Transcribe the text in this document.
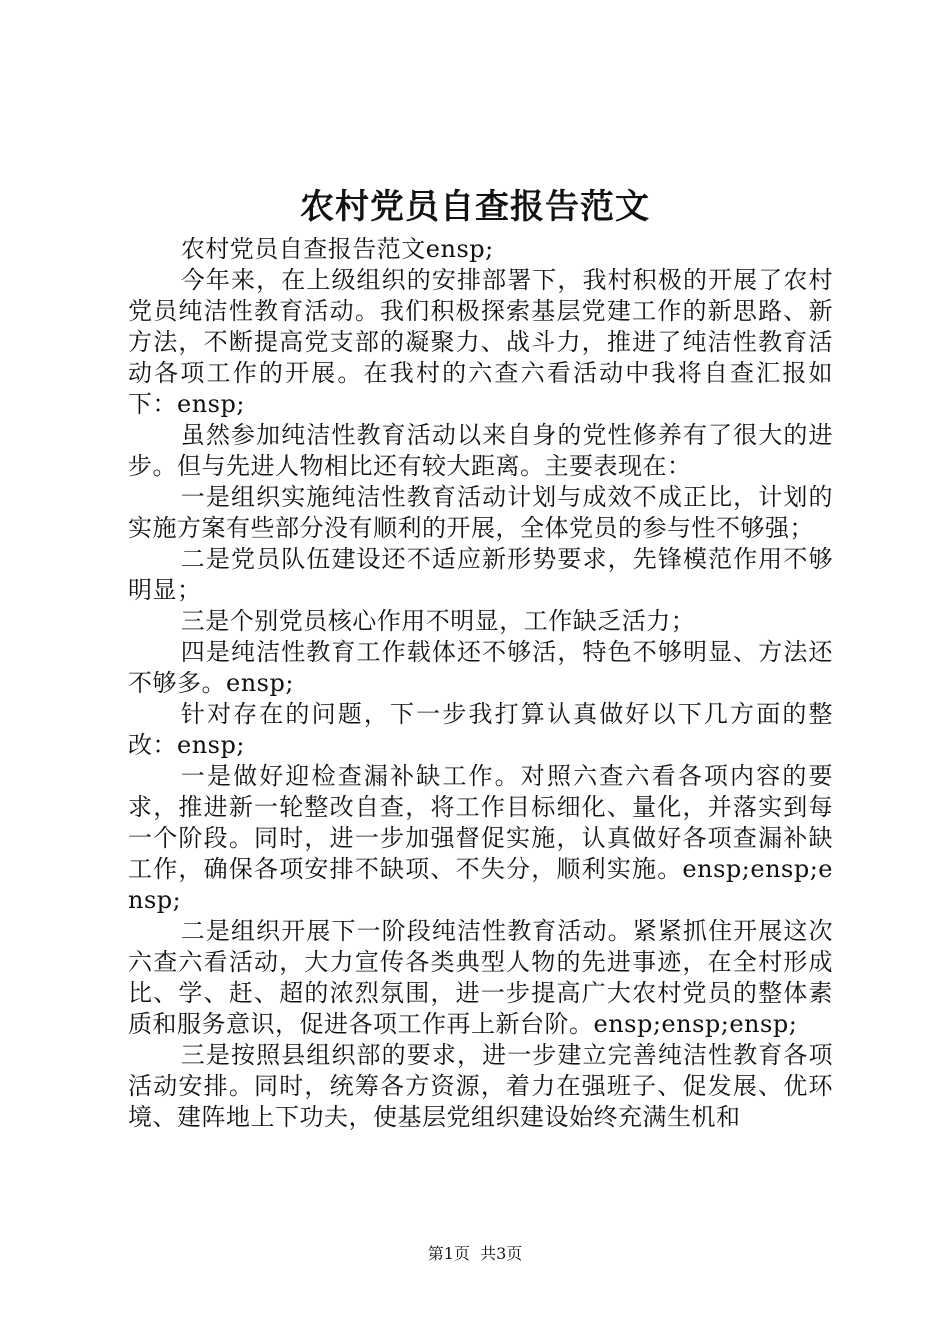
农村党员自查报告范文

农村党员自查报告范文ensp;

今年来，在上级组织的安排部署下，我村积极的开展了农村党员纯洁性教育活动。我们积极探索基层党建工作的新思路、新方法，不断提高党支部的凝聚力、战斗力，推进了纯洁性教育活动各项工作的开展。在我村的六查六看活动中我将自查汇报如下：ensp;

虽然参加纯洁性教育活动以来自身的党性修养有了很大的进步。但与先进人物相比还有较大距离。主要表现在：

一是组织实施纯洁性教育活动计划与成效不成正比，计划的实施方案有些部分没有顺利的开展，全体党员的参与性不够强；

二是党员队伍建设还不适应新形势要求，先锋模范作用不够明显；

三是个别党员核心作用不明显，工作缺乏活力；

四是纯洁性教育工作载体还不够活，特色不够明显、方法还不够多。ensp;

针对存在的问题，下一步我打算认真做好以下几方面的整改：ensp;

一是做好迎检查漏补缺工作。对照六查六看各项内容的要求，推进新一轮整改自查，将工作目标细化、量化，并落实到每一个阶段。同时，进一步加强督促实施，认真做好各项查漏补缺工作，确保各项安排不缺项、不失分，顺利实施。ensp;ensp;ensp;

二是组织开展下一阶段纯洁性教育活动。紧紧抓住开展这次六查六看活动，大力宣传各类典型人物的先进事迹，在全村形成比、学、赶、超的浓烈氛围，进一步提高广大农村党员的整体素质和服务意识，促进各项工作再上新台阶。ensp;ensp;ensp;

三是按照县组织部的要求，进一步建立完善纯洁性教育各项活动安排。同时，统筹各方资源，着力在强班子、促发展、优环境、建阵地上下功夫，使基层党组织建设始终充满生机和

第1页 共3页
